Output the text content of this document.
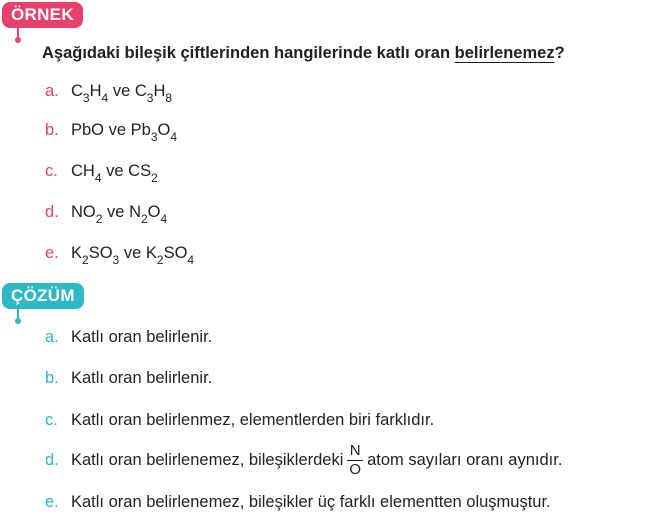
ÖRNEK
Aşağıdaki bileşik çiftlerinden hangilerinde katlı oran belirlenemez?
a. $C_3H_4$ ve $C_3H_8$
b. PbO ve $Pb_3O_4$
c. $CH_4$ ve $CS_2$
d. $NO_2$ ve $N_2O_4$
e. $K_2SO_3$ ve $K_2SO_4$
ÇÖZÜM
a. Katlı oran belirlenir.
b. Katlı oran belirlenir.
c. Katlı oran belirlenmez, elementlerden biri farklıdır.
d. Katlı oran belirlenemez, bileşiklerdeki $\frac{N}{O}$ atom sayıları oranı aynıdır.
e. Katlı oran belirlenemez, bileşikler üç farklı elementten oluşmuştur.
